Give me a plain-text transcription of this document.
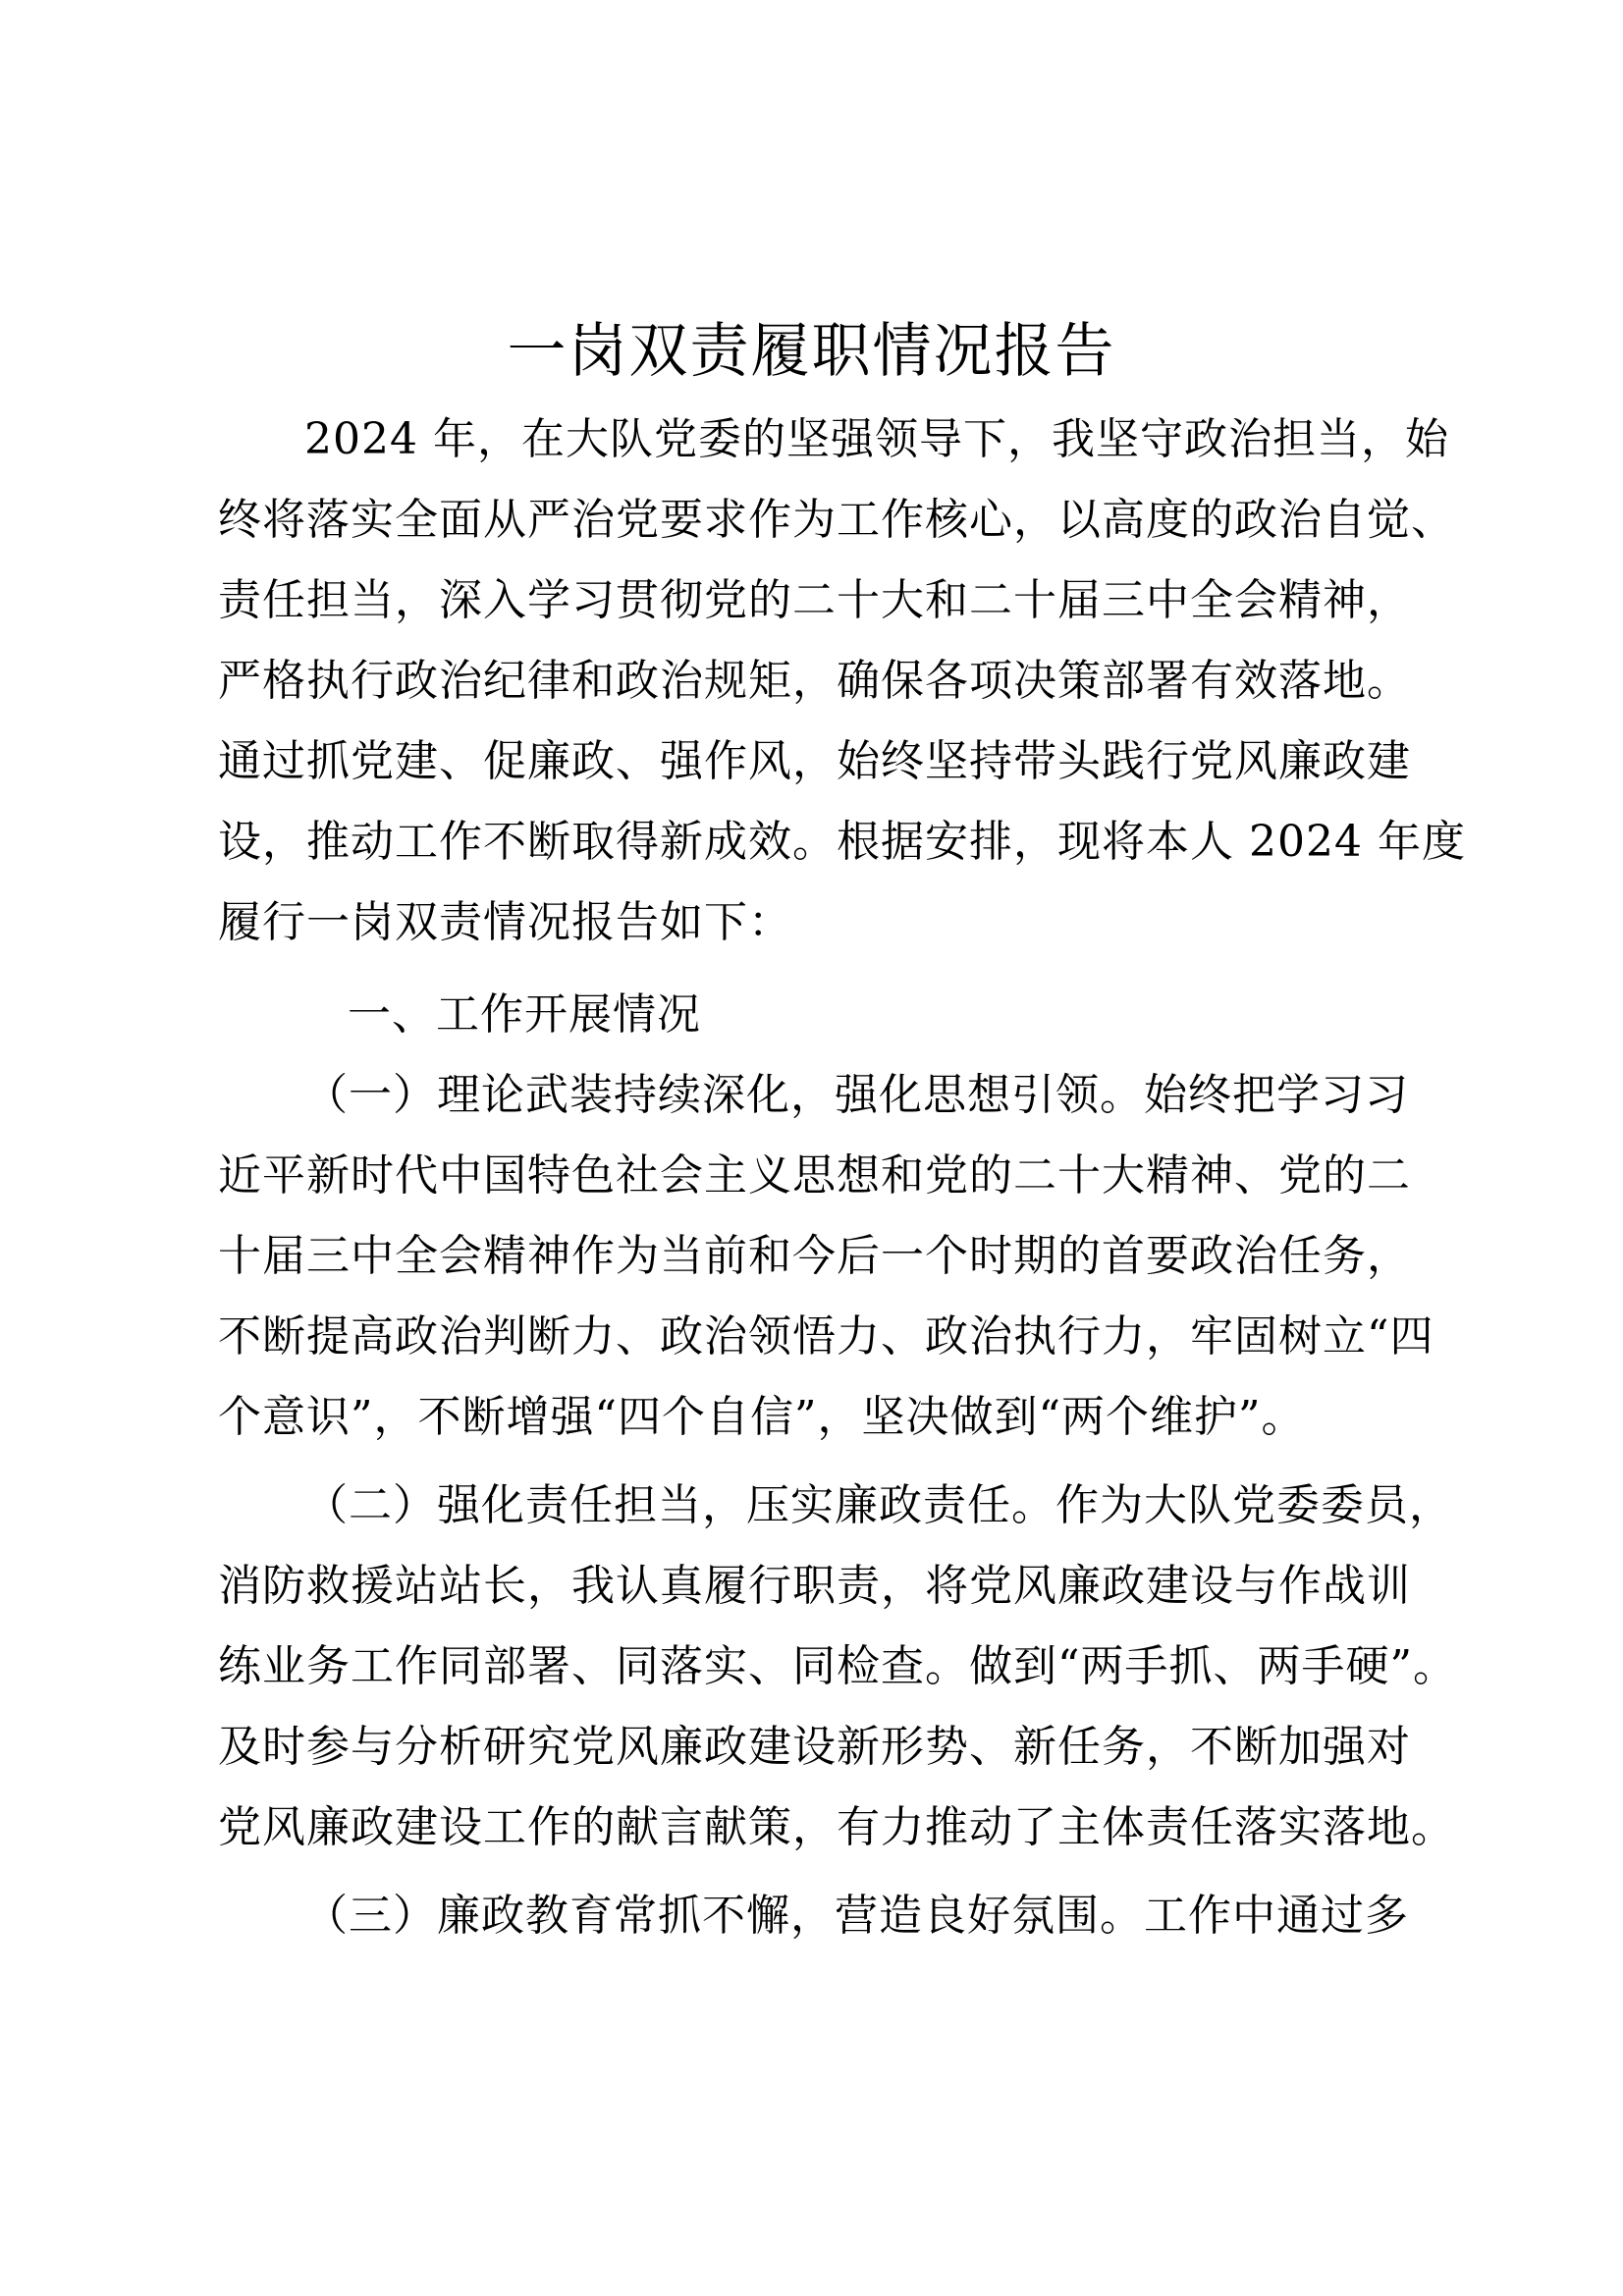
一岗双责履职情况报告
2024 年，在大队党委的坚强领导下，我坚守政治担当，始
终将落实全面从严治党要求作为工作核心，以高度的政治自觉、
责任担当，深入学习贯彻党的二十大和二十届三中全会精神，
严格执行政治纪律和政治规矩，确保各项决策部署有效落地。
通过抓党建、促廉政、强作风，始终坚持带头践行党风廉政建
设，推动工作不断取得新成效。根据安排，现将本人 2024 年度
履行一岗双责情况报告如下：
一、工作开展情况
（一）理论武装持续深化，强化思想引领。始终把学习习
近平新时代中国特色社会主义思想和党的二十大精神、党的二
十届三中全会精神作为当前和今后一个时期的首要政治任务，
不断提高政治判断力、政治领悟力、政治执行力，牢固树立“四
个意识”，不断增强“四个自信”，坚决做到“两个维护”。
（二）强化责任担当，压实廉政责任。作为大队党委委员，
消防救援站站长，我认真履行职责，将党风廉政建设与作战训
练业务工作同部署、同落实、同检查。做到“两手抓、两手硬”。
及时参与分析研究党风廉政建设新形势、新任务，不断加强对
党风廉政建设工作的献言献策，有力推动了主体责任落实落地。
（三）廉政教育常抓不懈，营造良好氛围。工作中通过多
